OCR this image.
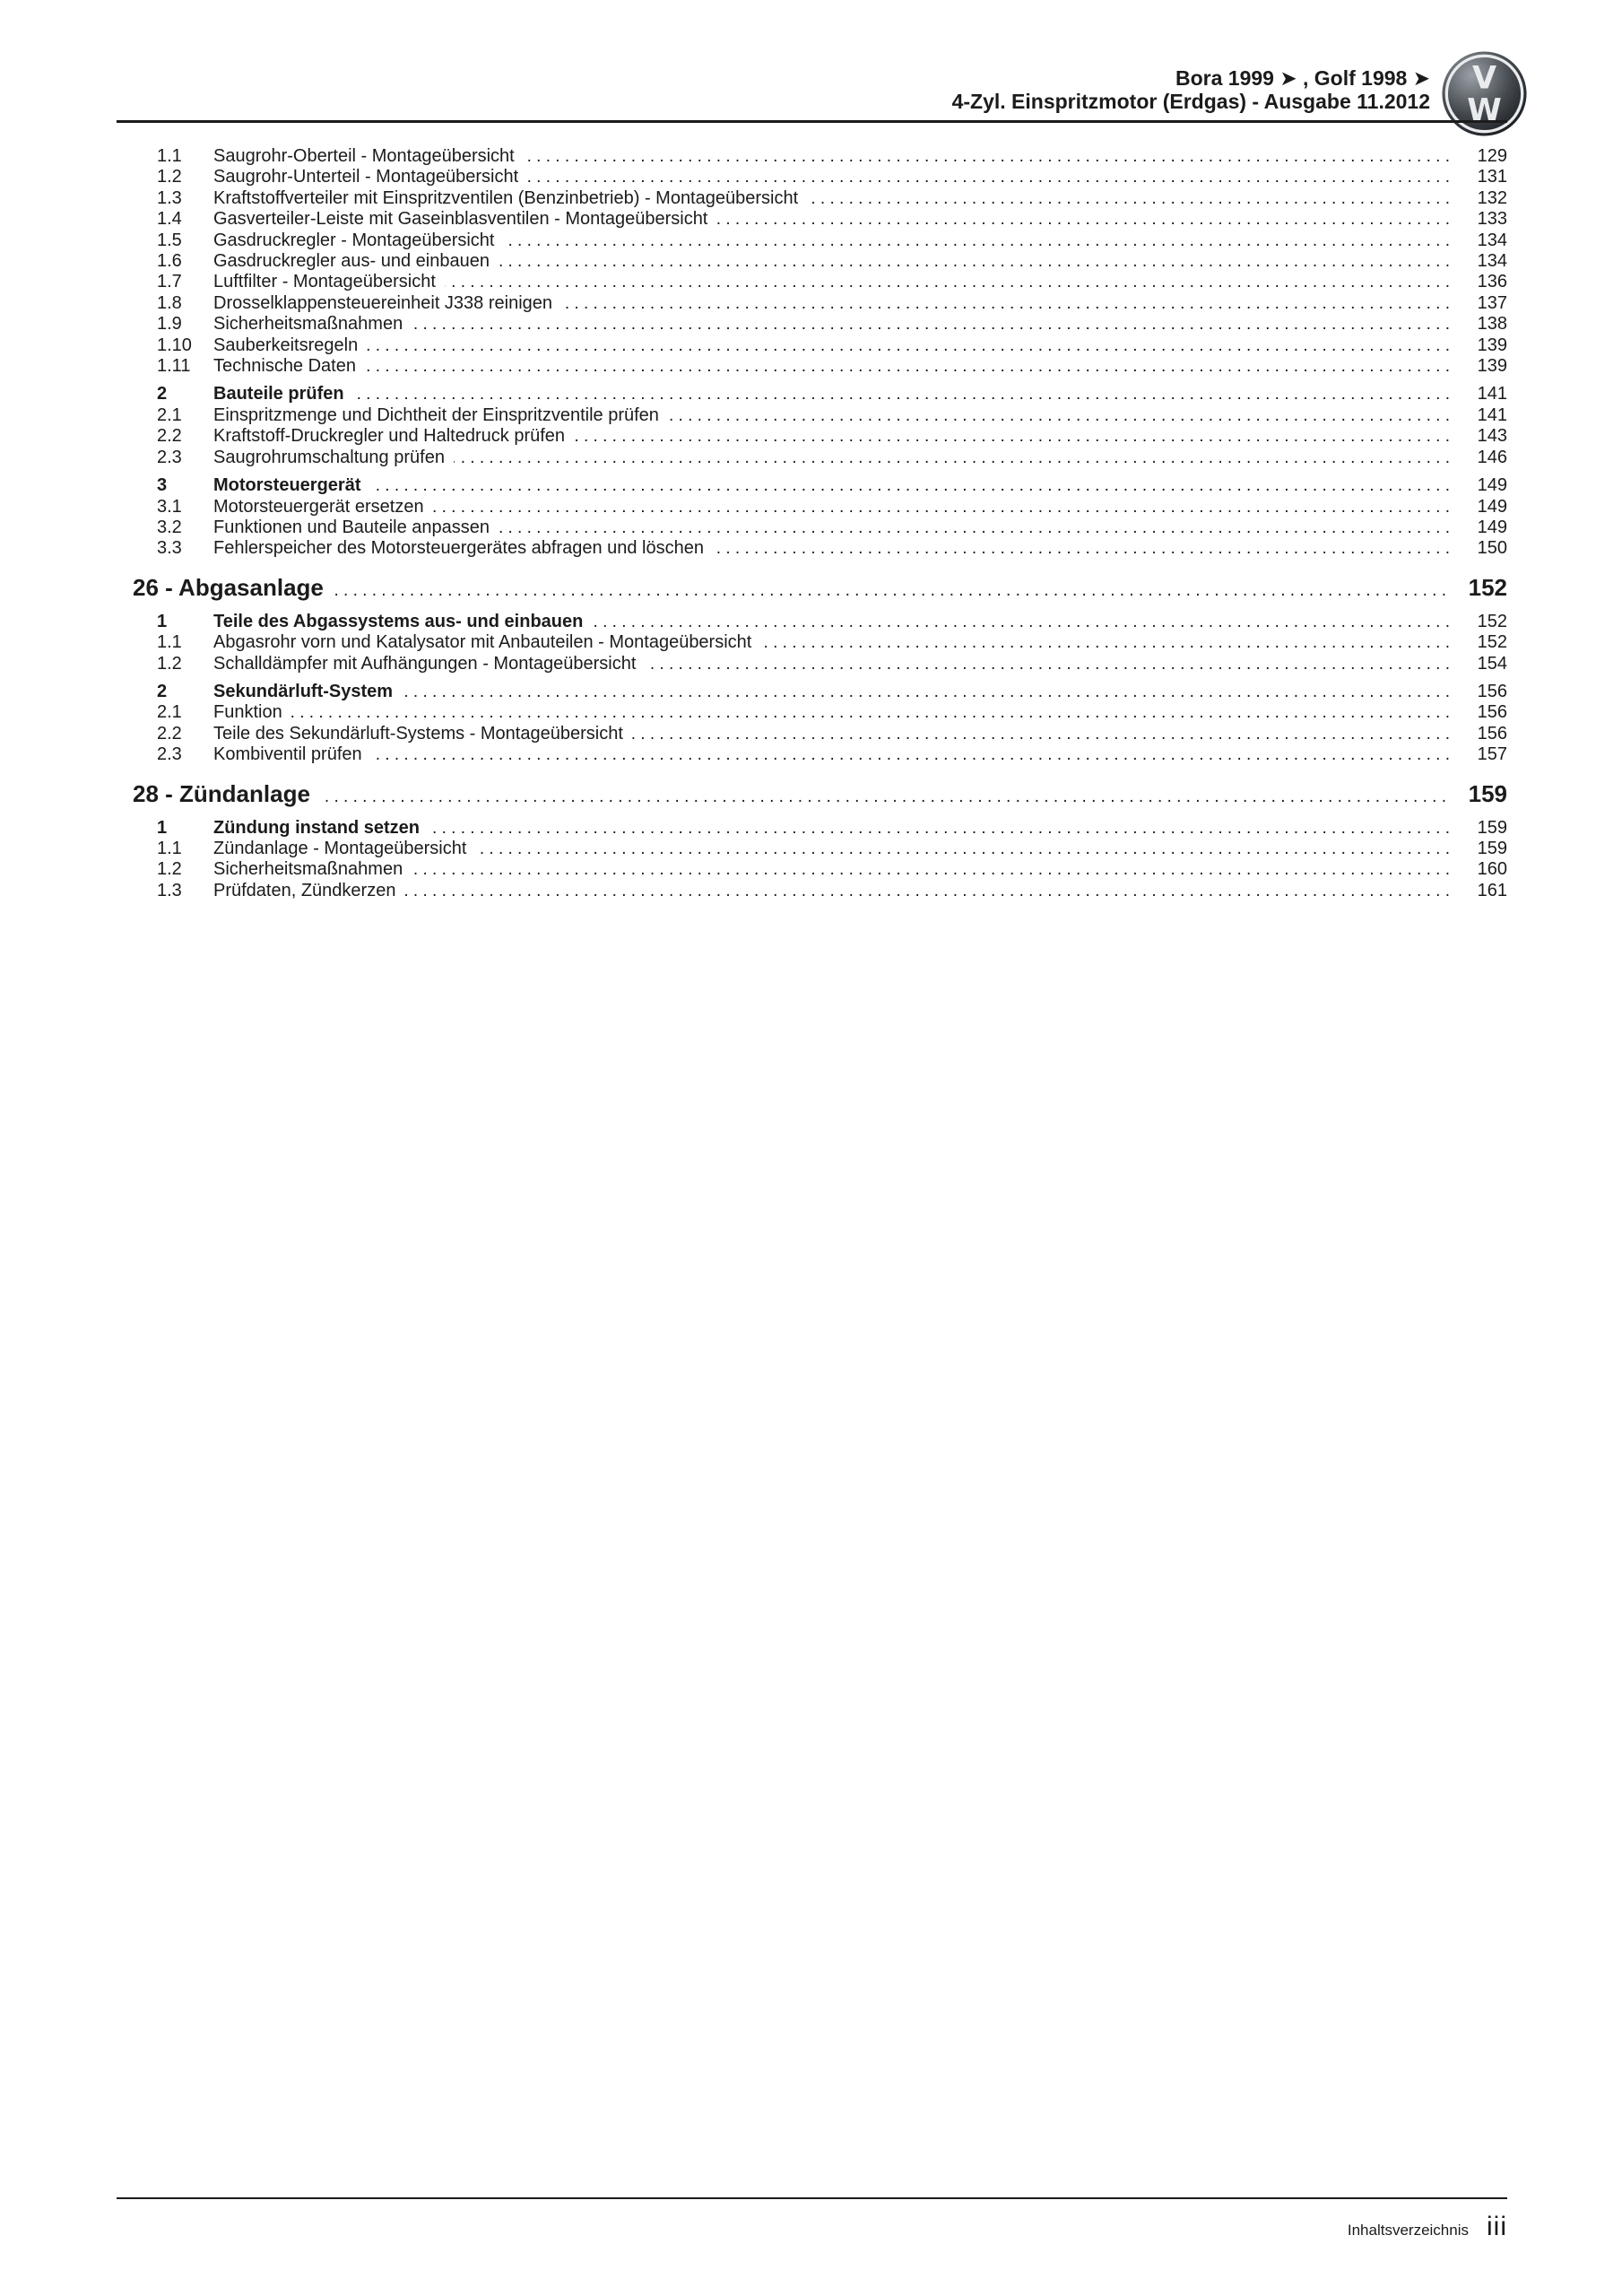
V
W
Bora 1999 ➤ , Golf 1998 ➤
4-Zyl. Einspritzmotor (Erdgas) - Ausgabe 11.2012
1.1	Saugrohr-Oberteil - Montageübersicht . . .	129
1.2	Saugrohr-Unterteil - Montageübersicht . . .	131
1.3	Kraftstoffverteiler mit Einspritzventilen (Benzinbetrieb) - Montageübersicht . . .	132
1.4	Gasverteiler-Leiste mit Gaseinblasventilen - Montageübersicht . . .	133
1.5	Gasdruckregler - Montageübersicht . . .	134
1.6	Gasdruckregler aus- und einbauen . . .	134
1.7	Luftfilter - Montageübersicht . . .	136
1.8	Drosselklappensteuereinheit J338 reinigen . . .	137
1.9	Sicherheitsmaßnahmen . . .	138
1.10	Sauberkeitsregeln . . .	139
1.11	Technische Daten . . .	139
2	Bauteile prüfen . . .	141
2.1	Einspritzmenge und Dichtheit der Einspritzventile prüfen . . .	141
2.2	Kraftstoff-Druckregler und Haltedruck prüfen . . .	143
2.3	Saugrohrumschaltung prüfen . . .	146
3	Motorsteuergerät . . .	149
3.1	Motorsteuergerät ersetzen . . .	149
3.2	Funktionen und Bauteile anpassen . . .	149
3.3	Fehlerspeicher des Motorsteuergerätes abfragen und löschen . . .	150
26 - Abgasanlage . . .	152
1	Teile des Abgassystems aus- und einbauen . . .	152
1.1	Abgasrohr vorn und Katalysator mit Anbauteilen - Montageübersicht . . .	152
1.2	Schalldämpfer mit Aufhängungen - Montageübersicht . . .	154
2	Sekundärluft-System . . .	156
2.1	Funktion . . .	156
2.2	Teile des Sekundärluft-Systems - Montageübersicht . . .	156
2.3	Kombiventil prüfen . . .	157
28 - Zündanlage . . .	159
1	Zündung instand setzen . . .	159
1.1	Zündanlage - Montageübersicht . . .	159
1.2	Sicherheitsmaßnahmen . . .	160
1.3	Prüfdaten, Zündkerzen . . .	161
Inhaltsverzeichnis iii
